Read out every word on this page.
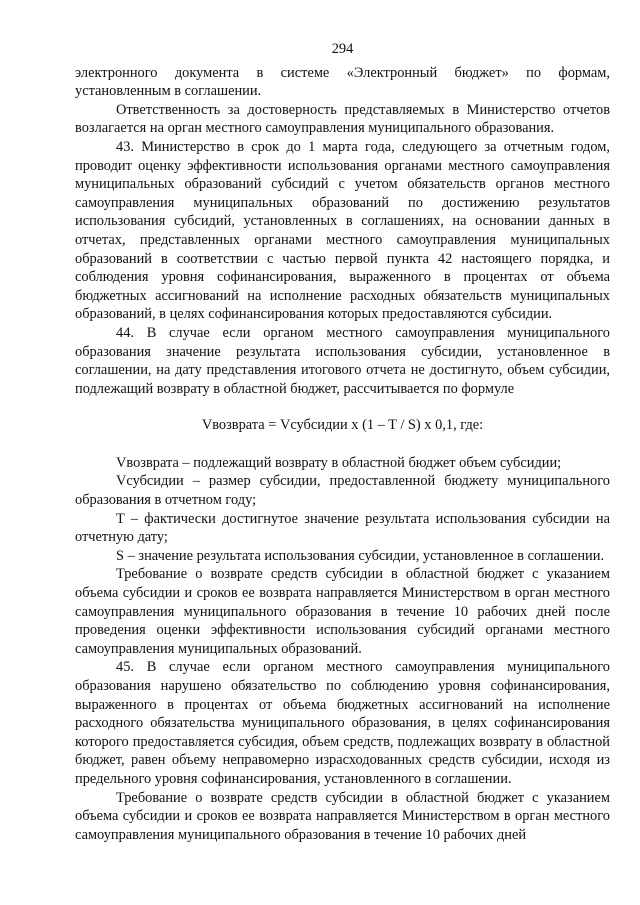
294

электронного документа в системе «Электронный бюджет» по формам, установленным в соглашении.

Ответственность за достоверность представляемых в Министерство отчетов возлагается на орган местного самоуправления муниципального образования.

43. Министерство в срок до 1 марта года, следующего за отчетным годом, проводит оценку эффективности использования органами местного самоуправления муниципальных образований субсидий с учетом обязательств органов местного самоуправления муниципальных образований по достижению результатов использования субсидий, установленных в соглашениях, на основании данных в отчетах, представленных органами местного самоуправления муниципальных образований в соответствии с частью первой пункта 42 настоящего порядка, и соблюдения уровня софинансирования, выраженного в процентах от объема бюджетных ассигнований на исполнение расходных обязательств муниципальных образований, в целях софинансирования которых предоставляются субсидии.

44. В случае если органом местного самоуправления муниципального образования значение результата использования субсидии, установленное в соглашении, на дату представления итогового отчета не достигнуто, объем субсидии, подлежащий возврату в областной бюджет, рассчитывается по формуле

Vвозврата = Vсубсидии x (1 – T / S) x 0,1, где:

Vвозврата – подлежащий возврату в областной бюджет объем субсидии;

Vсубсидии – размер субсидии, предоставленной бюджету муниципального образования в отчетном году;

T – фактически достигнутое значение результата использования субсидии на отчетную дату;

S – значение результата использования субсидии, установленное в соглашении.

Требование о возврате средств субсидии в областной бюджет с указанием объема субсидии и сроков ее возврата направляется Министерством в орган местного самоуправления муниципального образования в течение 10 рабочих дней после проведения оценки эффективности использования субсидий органами местного самоуправления муниципальных образований.

45. В случае если органом местного самоуправления муниципального образования нарушено обязательство по соблюдению уровня софинансирования, выраженного в процентах от объема бюджетных ассигнований на исполнение расходного обязательства муниципального образования, в целях софинансирования которого предоставляется субсидия, объем средств, подлежащих возврату в областной бюджет, равен объему неправомерно израсходованных средств субсидии, исходя из предельного уровня софинансирования, установленного в соглашении.

Требование о возврате средств субсидии в областной бюджет с указанием объема субсидии и сроков ее возврата направляется Министерством в орган местного самоуправления муниципального образования в течение 10 рабочих дней
